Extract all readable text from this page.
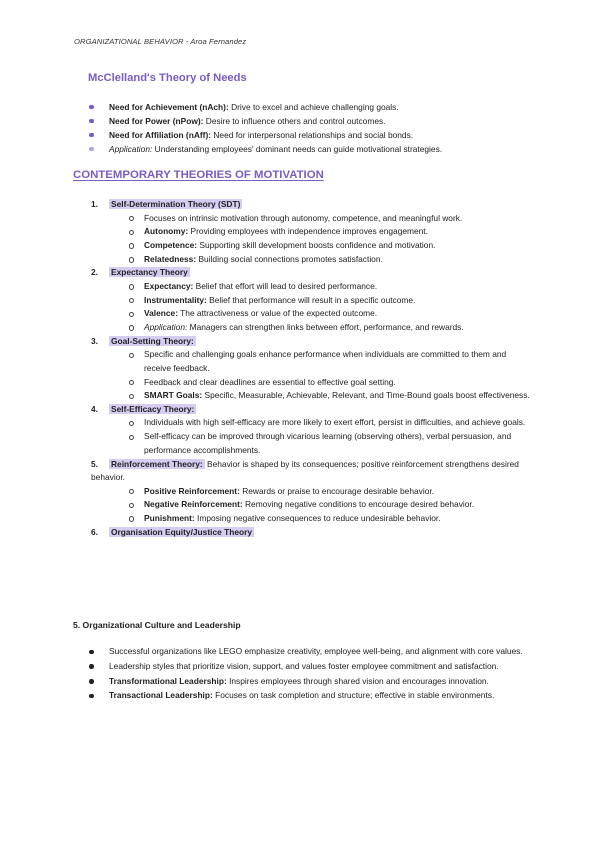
ORGANIZATIONAL BEHAVIOR - Aroa Fernandez
McClelland's Theory of Needs
Need for Achievement (nAch): Drive to excel and achieve challenging goals.
Need for Power (nPow): Desire to influence others and control outcomes.
Need for Affiliation (nAff): Need for interpersonal relationships and social bonds.
Application: Understanding employees' dominant needs can guide motivational strategies.
CONTEMPORARY THEORIES OF MOTIVATION
1. Self-Determination Theory (SDT)
Focuses on intrinsic motivation through autonomy, competence, and meaningful work.
Autonomy: Providing employees with independence improves engagement.
Competence: Supporting skill development boosts confidence and motivation.
Relatedness: Building social connections promotes satisfaction.
2. Expectancy Theory
Expectancy: Belief that effort will lead to desired performance.
Instrumentality: Belief that performance will result in a specific outcome.
Valence: The attractiveness or value of the expected outcome.
Application: Managers can strengthen links between effort, performance, and rewards.
3. Goal-Setting Theory:
Specific and challenging goals enhance performance when individuals are committed to them and receive feedback.
Feedback and clear deadlines are essential to effective goal setting.
SMART Goals: Specific, Measurable, Achievable, Relevant, and Time-Bound goals boost effectiveness.
4. Self-Efficacy Theory:
Individuals with high self-efficacy are more likely to exert effort, persist in difficulties, and achieve goals.
Self-efficacy can be improved through vicarious learning (observing others), verbal persuasion, and performance accomplishments.
5. Reinforcement Theory: Behavior is shaped by its consequences; positive reinforcement strengthens desired behavior.
Positive Reinforcement: Rewards or praise to encourage desirable behavior.
Negative Reinforcement: Removing negative conditions to encourage desired behavior.
Punishment: Imposing negative consequences to reduce undesirable behavior.
6. Organisation Equity/Justice Theory
5. Organizational Culture and Leadership
Successful organizations like LEGO emphasize creativity, employee well-being, and alignment with core values.
Leadership styles that prioritize vision, support, and values foster employee commitment and satisfaction.
Transformational Leadership: Inspires employees through shared vision and encourages innovation.
Transactional Leadership: Focuses on task completion and structure; effective in stable environments.
